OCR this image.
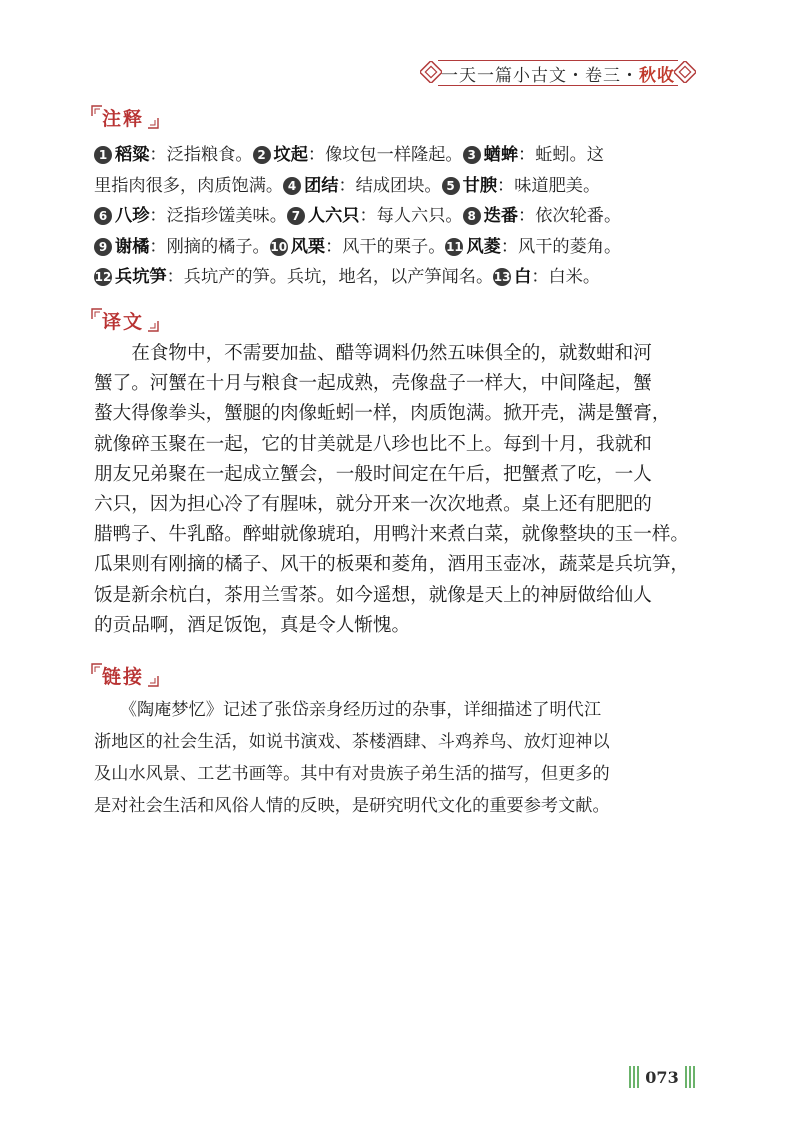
一天一篇小古文・卷三・秋收
注释
1 稻粱：泛指粮食。 2 坟起：像坟包一样隆起。 3 蝤蛑：蚯蚓。这
里指肉很多，肉质饱满。 4 团结：结成团块。 5 甘腴：味道肥美。
6 八珍：泛指珍馐美味。 7 人六只：每人六只。 8 迭番：依次轮番。
9 谢橘：刚摘的橘子。10 风栗：风干的栗子。11 风菱：风干的菱角。
12 兵坑笋：兵坑产的笋。兵坑，地名，以产笋闻名。13 白：白米。
译文
　　在食物中，不需要加盐、醋等调料仍然五味俱全的，就数蚶和河
蟹了。河蟹在十月与粮食一起成熟，壳像盘子一样大，中间隆起，蟹
螯大得像拳头，蟹腿的肉像蚯蚓一样，肉质饱满。掀开壳，满是蟹膏，
就像碎玉聚在一起，它的甘美就是八珍也比不上。每到十月，我就和
朋友兄弟聚在一起成立蟹会，一般时间定在午后，把蟹煮了吃，一人
六只，因为担心冷了有腥味，就分开来一次次地煮。桌上还有肥肥的
腊鸭子、牛乳酪。醉蚶就像琥珀，用鸭汁来煮白菜，就像整块的玉一样。
瓜果则有刚摘的橘子、风干的板栗和菱角，酒用玉壶冰，蔬菜是兵坑笋，
饭是新余杭白，茶用兰雪茶。如今遥想，就像是天上的神厨做给仙人
的贡品啊，酒足饭饱，真是令人惭愧。
链接
　　《陶庵梦忆》记述了张岱亲身经历过的杂事，详细描述了明代江
浙地区的社会生活，如说书演戏、茶楼酒肆、斗鸡养鸟、放灯迎神以
及山水风景、工艺书画等。其中有对贵族子弟生活的描写，但更多的
是对社会生活和风俗人情的反映，是研究明代文化的重要参考文献。
073
